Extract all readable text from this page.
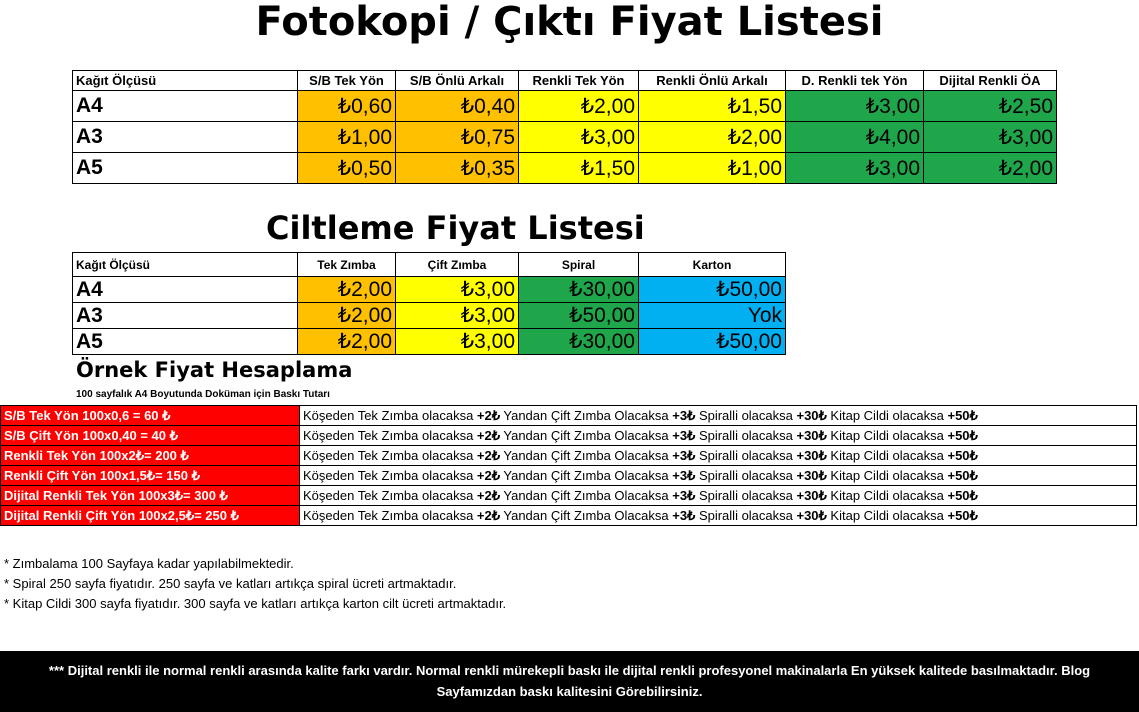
Fotokopi / Çıktı Fiyat Listesi
Kağıt Ölçüsü	S/B Tek Yön	S/B Önlü Arkalı	Renkli Tek Yön	Renkli Önlü Arkalı	D. Renkli tek Yön	Dijital Renkli ÖA
A4	₺0,60	₺0,40	₺2,00	₺1,50	₺3,00	₺2,50
A3	₺1,00	₺0,75	₺3,00	₺2,00	₺4,00	₺3,00
A5	₺0,50	₺0,35	₺1,50	₺1,00	₺3,00	₺2,00
Ciltleme Fiyat Listesi
Kağıt Ölçüsü	Tek Zımba	Çift Zımba	Spiral	Karton
A4	₺2,00	₺3,00	₺30,00	₺50,00
A3	₺2,00	₺3,00	₺50,00	Yok
A5	₺2,00	₺3,00	₺30,00	₺50,00
Örnek Fiyat Hesaplama
100 sayfalık A4 Boyutunda Doküman için Baskı Tutarı
S/B Tek Yön 100x0,6 = 60 ₺	Köşeden Tek Zımba olacaksa +2₺ Yandan Çift Zımba Olacaksa +3₺ Spiralli olacaksa +30₺ Kitap Cildi olacaksa +50₺
S/B Çift Yön 100x0,40 = 40 ₺	Köşeden Tek Zımba olacaksa +2₺ Yandan Çift Zımba Olacaksa +3₺ Spiralli olacaksa +30₺ Kitap Cildi olacaksa +50₺
Renkli Tek Yön 100x2₺= 200 ₺	Köşeden Tek Zımba olacaksa +2₺ Yandan Çift Zımba Olacaksa +3₺ Spiralli olacaksa +30₺ Kitap Cildi olacaksa +50₺
Renkli Çift Yön 100x1,5₺= 150 ₺	Köşeden Tek Zımba olacaksa +2₺ Yandan Çift Zımba Olacaksa +3₺ Spiralli olacaksa +30₺ Kitap Cildi olacaksa +50₺
Dijital Renkli Tek Yön 100x3₺= 300 ₺	Köşeden Tek Zımba olacaksa +2₺ Yandan Çift Zımba Olacaksa +3₺ Spiralli olacaksa +30₺ Kitap Cildi olacaksa +50₺
Dijital Renkli Çift Yön 100x2,5₺= 250 ₺	Köşeden Tek Zımba olacaksa +2₺ Yandan Çift Zımba Olacaksa +3₺ Spiralli olacaksa +30₺ Kitap Cildi olacaksa +50₺
* Zımbalama 100 Sayfaya kadar yapılabilmektedir.
* Spiral 250 sayfa fiyatıdır. 250 sayfa ve katları artıkça spiral ücreti artmaktadır.
* Kitap Cildi 300 sayfa fiyatıdır. 300 sayfa ve katları artıkça karton cilt ücreti artmaktadır.
*** Dijital renkli ile normal renkli arasında kalite farkı vardır. Normal renkli mürekepli baskı ile dijital renkli profesyonel makinalarla En yüksek kalitede basılmaktadır. Blog Sayfamızdan baskı kalitesini Görebilirsiniz.
